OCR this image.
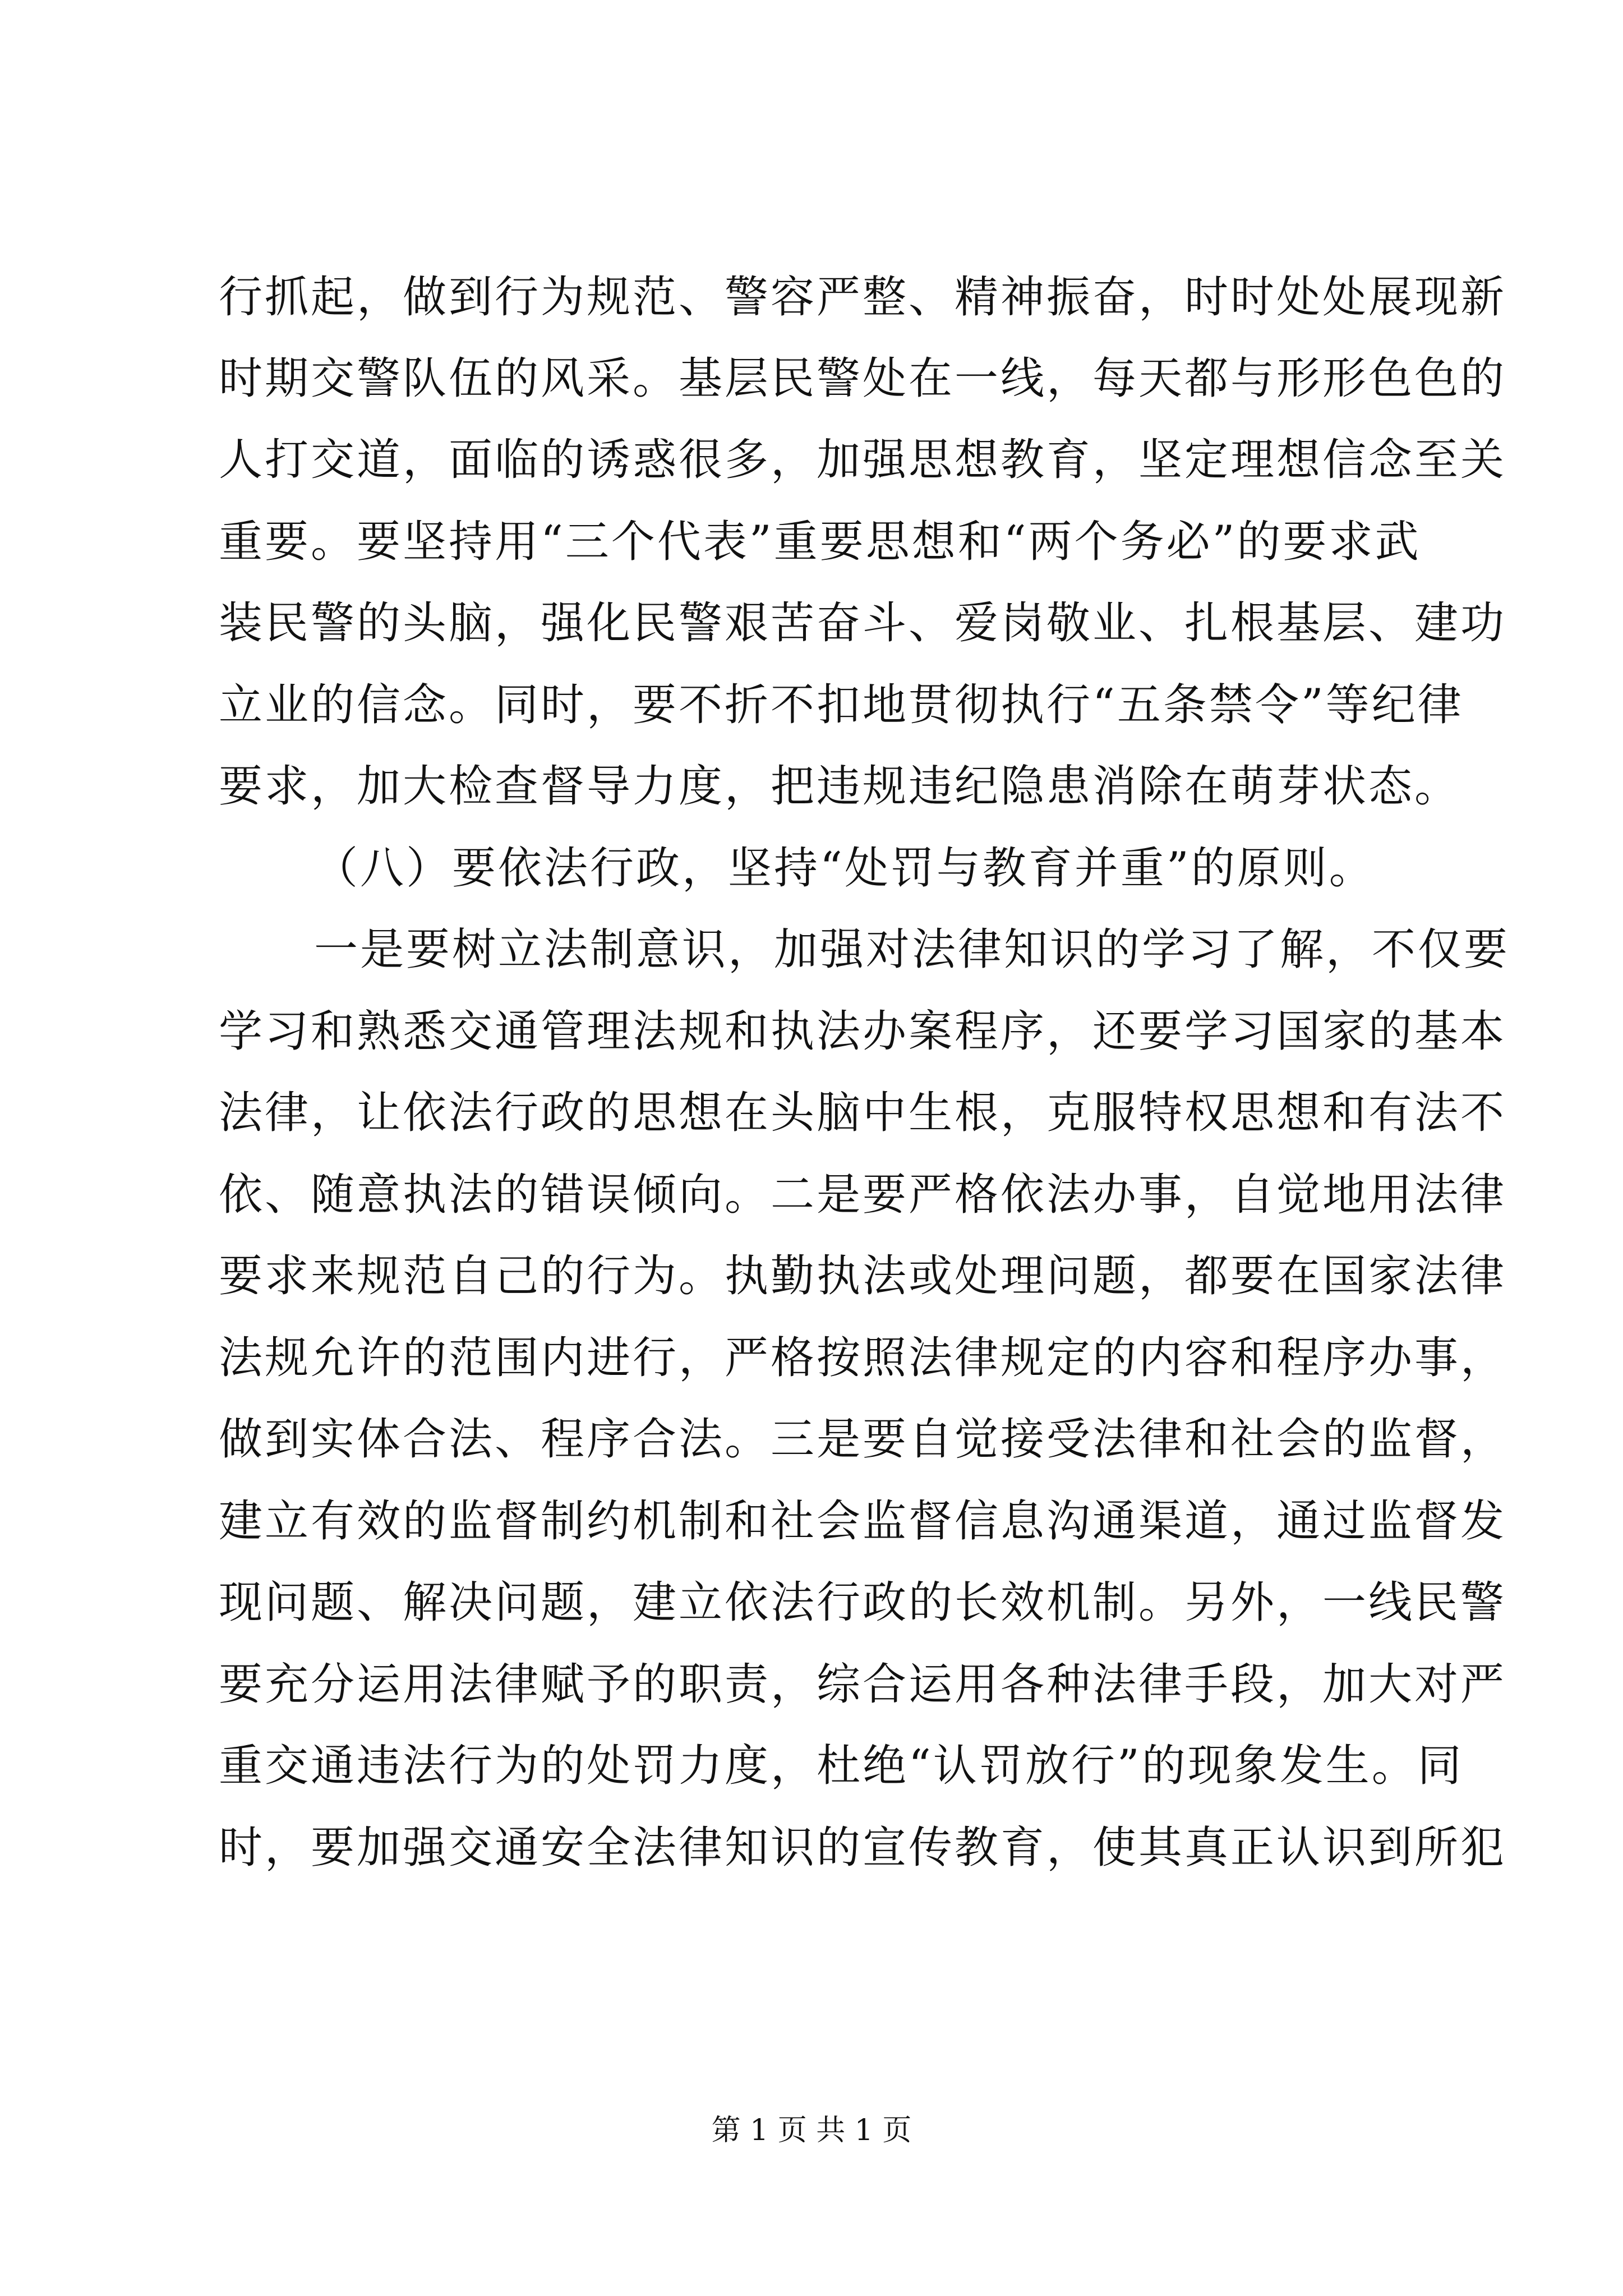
行抓起，做到行为规范、警容严整、精神振奋，时时处处展现新
时期交警队伍的风采。基层民警处在一线，每天都与形形色色的
人打交道，面临的诱惑很多，加强思想教育，坚定理想信念至关
重要。要坚持用“三个代表”重要思想和“两个务必”的要求武
装民警的头脑，强化民警艰苦奋斗、爱岗敬业、扎根基层、建功
立业的信念。同时，要不折不扣地贯彻执行“五条禁令”等纪律
要求，加大检查督导力度，把违规违纪隐患消除在萌芽状态。
（八）要依法行政，坚持“处罚与教育并重”的原则。
一是要树立法制意识，加强对法律知识的学习了解，不仅要
学习和熟悉交通管理法规和执法办案程序，还要学习国家的基本
法律，让依法行政的思想在头脑中生根，克服特权思想和有法不
依、随意执法的错误倾向。二是要严格依法办事，自觉地用法律
要求来规范自己的行为。执勤执法或处理问题，都要在国家法律
法规允许的范围内进行，严格按照法律规定的内容和程序办事，
做到实体合法、程序合法。三是要自觉接受法律和社会的监督，
建立有效的监督制约机制和社会监督信息沟通渠道，通过监督发
现问题、解决问题，建立依法行政的长效机制。另外，一线民警
要充分运用法律赋予的职责，综合运用各种法律手段，加大对严
重交通违法行为的处罚力度，杜绝“认罚放行”的现象发生。同
时，要加强交通安全法律知识的宣传教育，使其真正认识到所犯
第 1 页 共 1 页
